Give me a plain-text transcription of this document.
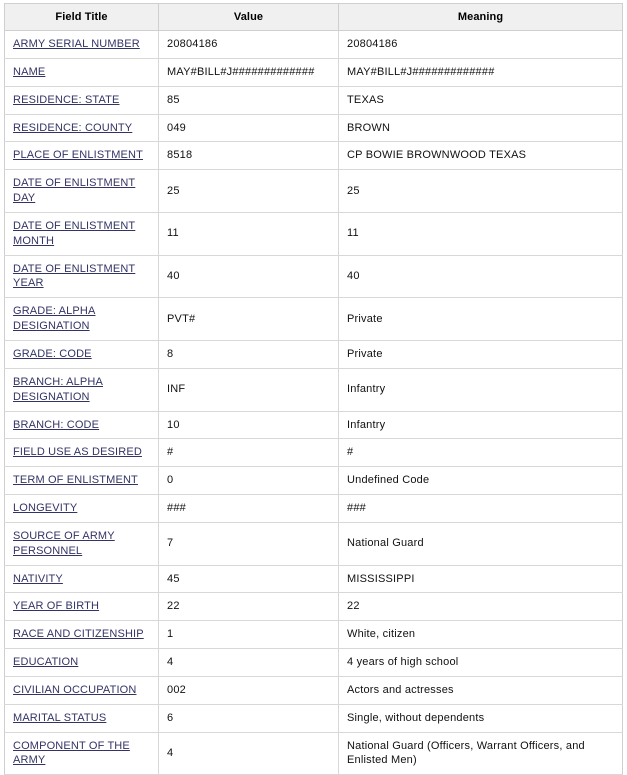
Field Title	Value	Meaning
ARMY SERIAL NUMBER	20804186	20804186
NAME	MAY#BILL#J#############	MAY#BILL#J#############
RESIDENCE: STATE	85	TEXAS
RESIDENCE: COUNTY	049	BROWN
PLACE OF ENLISTMENT	8518	CP BOWIE BROWNWOOD TEXAS
DATE OF ENLISTMENT DAY	25	25
DATE OF ENLISTMENT MONTH	11	11
DATE OF ENLISTMENT YEAR	40	40
GRADE: ALPHA DESIGNATION	PVT#	Private
GRADE: CODE	8	Private
BRANCH: ALPHA DESIGNATION	INF	Infantry
BRANCH: CODE	10	Infantry
FIELD USE AS DESIRED	#	#
TERM OF ENLISTMENT	0	Undefined Code
LONGEVITY	###	###
SOURCE OF ARMY PERSONNEL	7	National Guard
NATIVITY	45	MISSISSIPPI
YEAR OF BIRTH	22	22
RACE AND CITIZENSHIP	1	White, citizen
EDUCATION	4	4 years of high school
CIVILIAN OCCUPATION	002	Actors and actresses
MARITAL STATUS	6	Single, without dependents
COMPONENT OF THE ARMY	4	National Guard (Officers, Warrant Officers, and Enlisted Men)
